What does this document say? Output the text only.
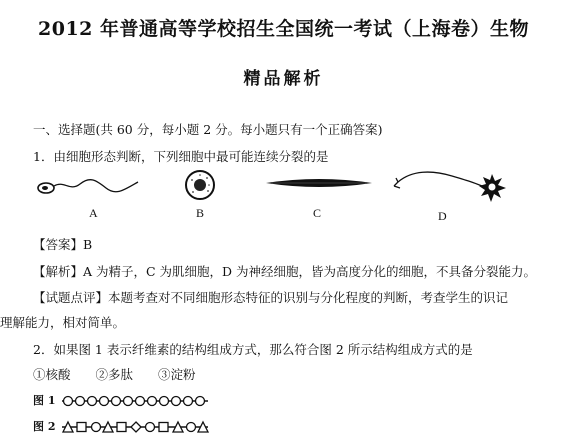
2012 年普通高等学校招生全国统一考试（上海卷）生物
精品解析
一、选择题(共 60 分，每小题 2 分。每小题只有一个正确答案)
1．由细胞形态判断，下列细胞中最可能连续分裂的是
A	B	C	D
【答案】B
【解析】A 为精子，C 为肌细胞，D 为神经细胞，皆为高度分化的细胞，不具备分裂能力。
【试题点评】本题考查对不同细胞形态特征的识别与分化程度的判断，考查学生的识记
理解能力，相对简单。
2．如果图 1 表示纤维素的结构组成方式，那么符合图 2 所示结构组成方式的是
①核酸　　②多肽　　③淀粉
图 1
图 2
